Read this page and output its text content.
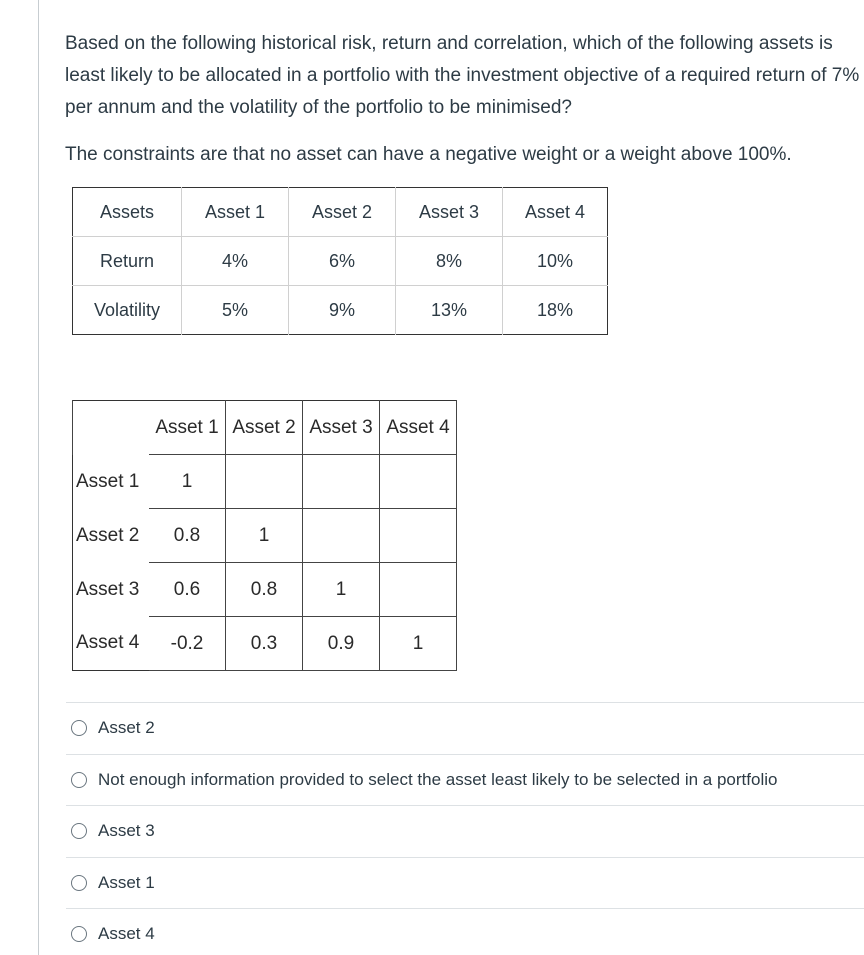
Based on the following historical risk, return and correlation, which of the following assets is least likely to be allocated in a portfolio with the investment objective of a required return of 7% per annum and the volatility of the portfolio to be minimised?

The constraints are that no asset can have a negative weight or a weight above 100%.

Assets	Asset 1	Asset 2	Asset 3	Asset 4
Return	4%	6%	8%	10%
Volatility	5%	9%	13%	18%
	Asset 1	Asset 2	Asset 3	Asset 4
Asset 1	1			
Asset 2	0.8	1		
Asset 3	0.6	0.8	1	
Asset 4	-0.2	0.3	0.9	1
Asset 2
Not enough information provided to select the asset least likely to be selected in a portfolio
Asset 3
Asset 1
Asset 4
